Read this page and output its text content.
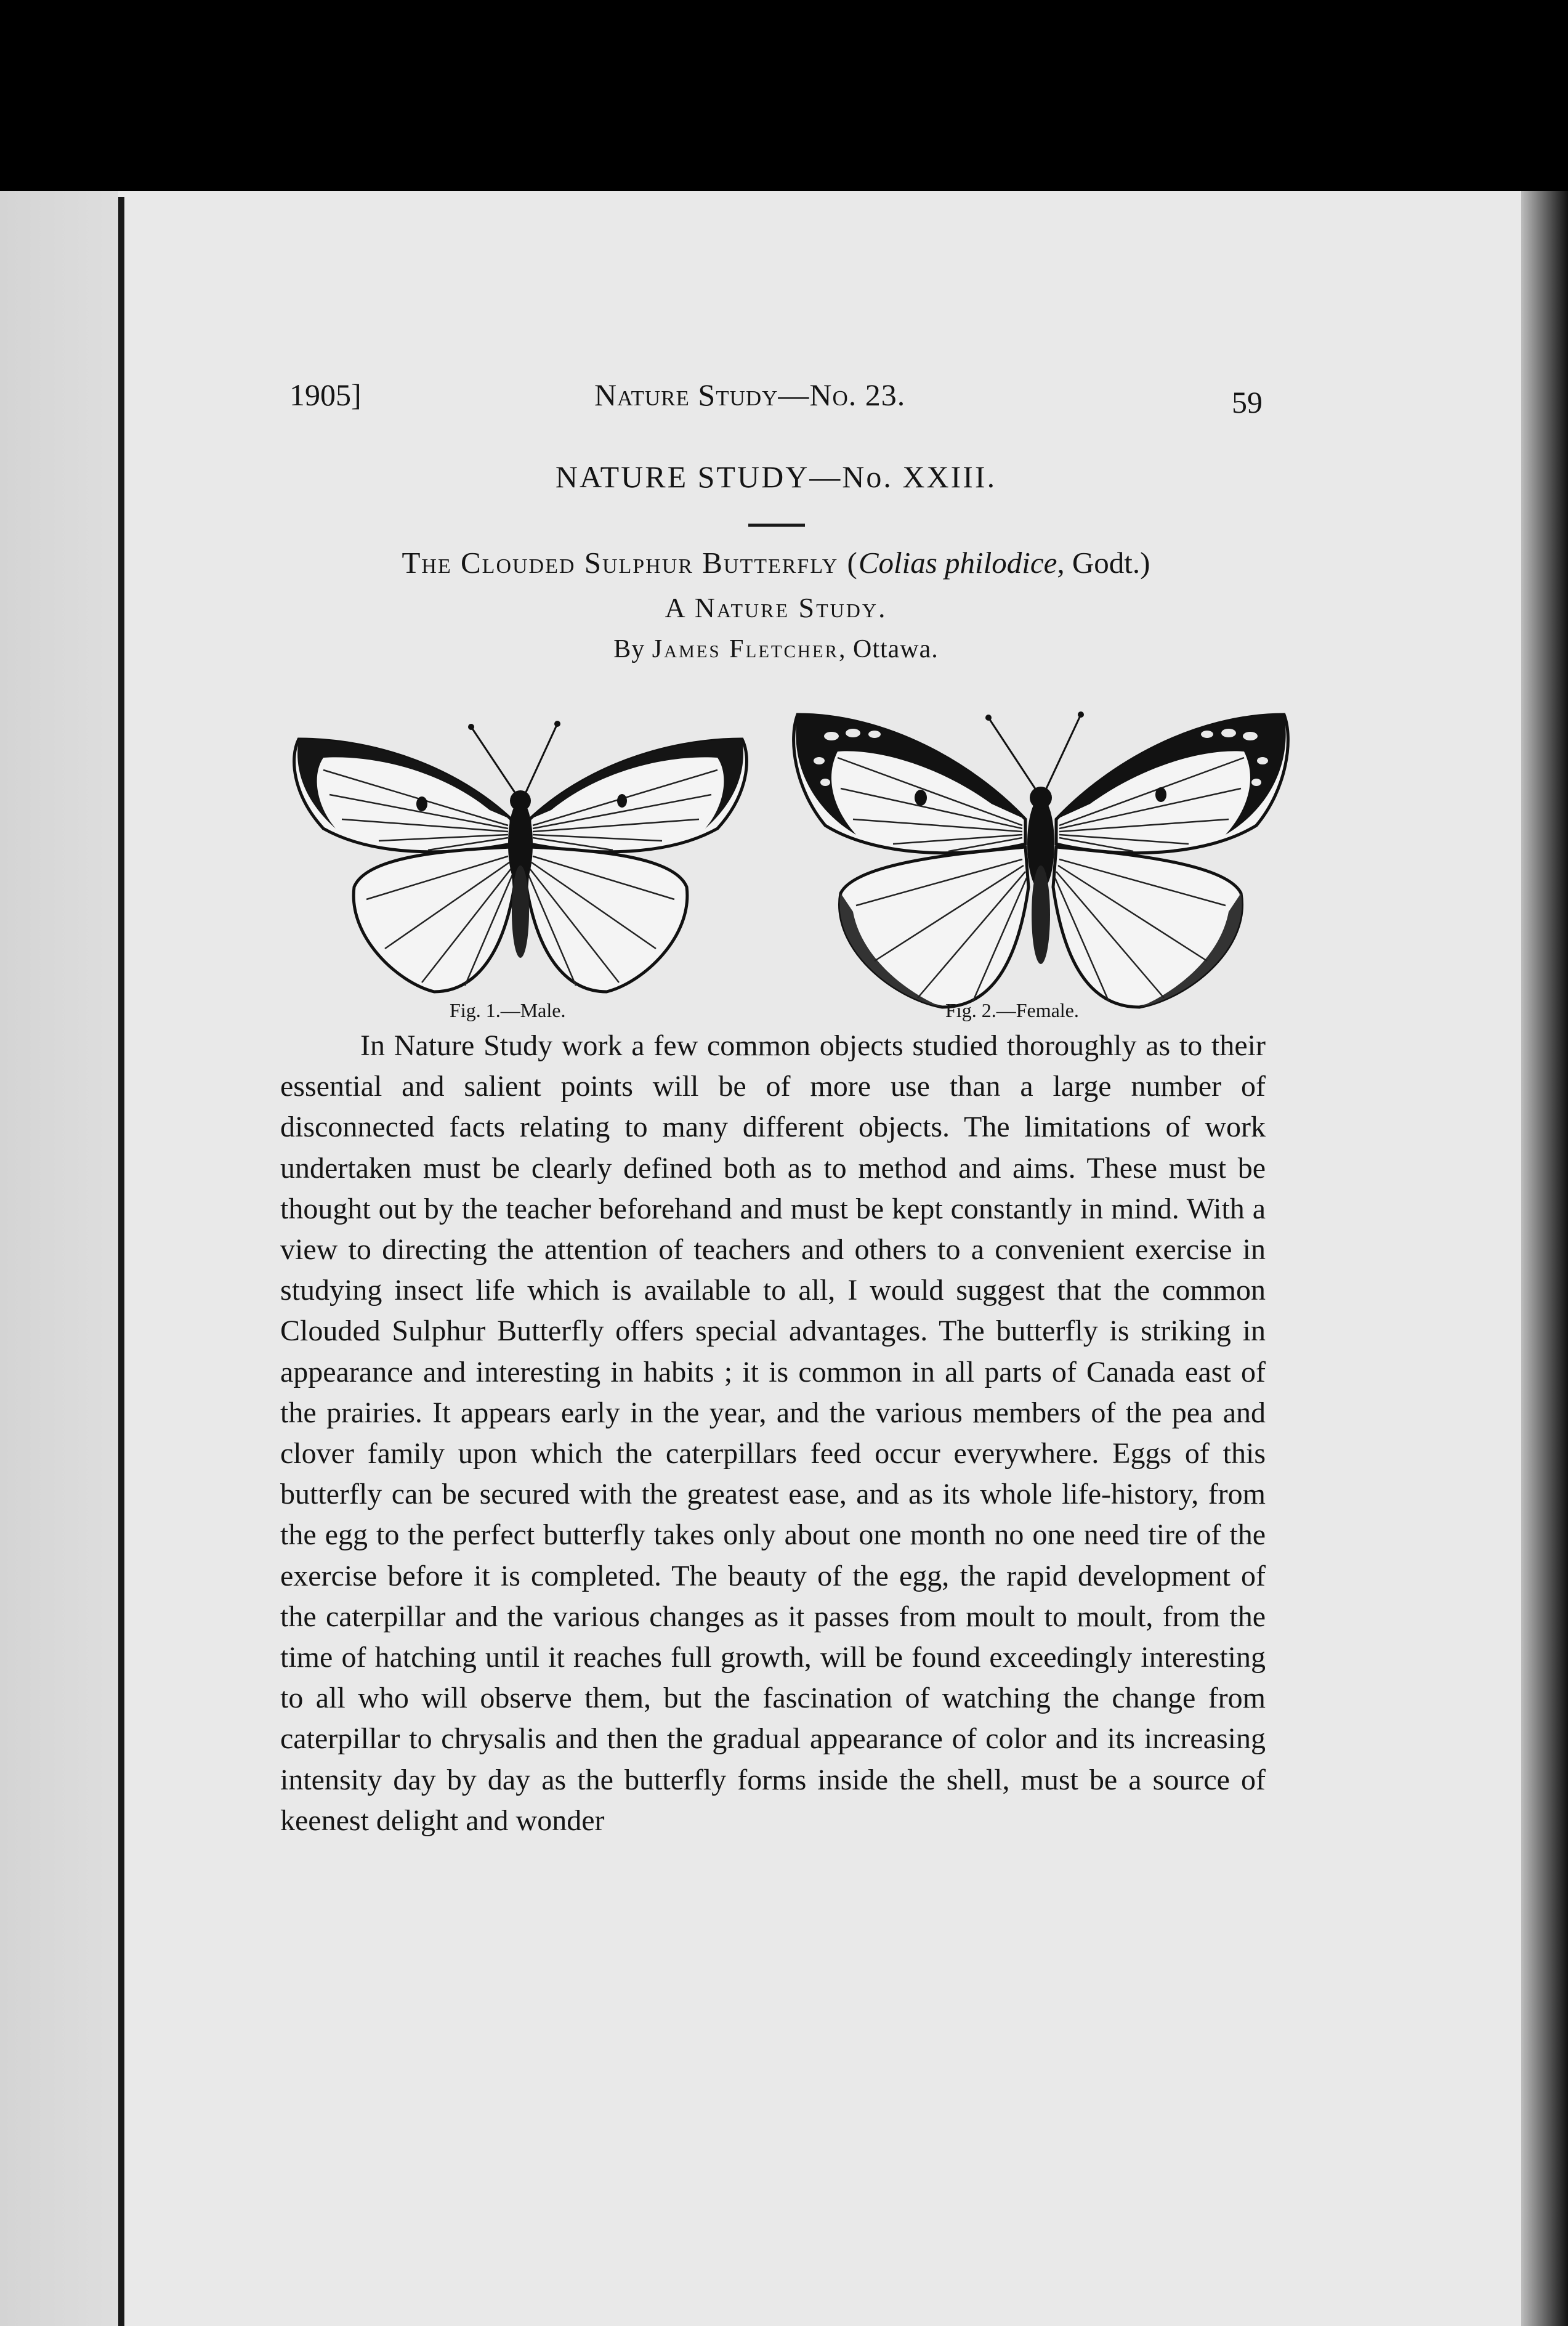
1905]	Nature Study—No. 23.	59
NATURE STUDY—No. XXIII.
The Clouded Sulphur Butterfly (Colias philodice, Godt.)
A Nature Study.
By James Fletcher, Ottawa.
Fig. 1.—Male.	Fig. 2.—Female.
In Nature Study work a few common objects studied thoroughly as to their essential and salient points will be of more use than a large number of disconnected facts relating to many different objects. The limitations of work undertaken must be clearly defined both as to method and aims. These must be thought out by the teacher beforehand and must be kept constantly in mind. With a view to directing the attention of teachers and others to a convenient exercise in studying insect life which is available to all, I would suggest that the common Clouded Sulphur Butterfly offers special advantages. The butterfly is striking in appearance and interesting in habits ; it is common in all parts of Canada east of the prairies. It appears early in the year, and the various members of the pea and clover family upon which the caterpillars feed occur everywhere. Eggs of this butterfly can be secured with the greatest ease, and as its whole life-history, from the egg to the perfect butterfly takes only about one month no one need tire of the exercise before it is completed. The beauty of the egg, the rapid development of the caterpillar and the various changes as it passes from moult to moult, from the time of hatching until it reaches full growth, will be found exceedingly interesting to all who will observe them, but the fascination of watching the change from caterpillar to chrysalis and then the gradual appearance of color and its increasing intensity day by day as the butterfly forms inside the shell, must be a source of keenest delight and wonder
